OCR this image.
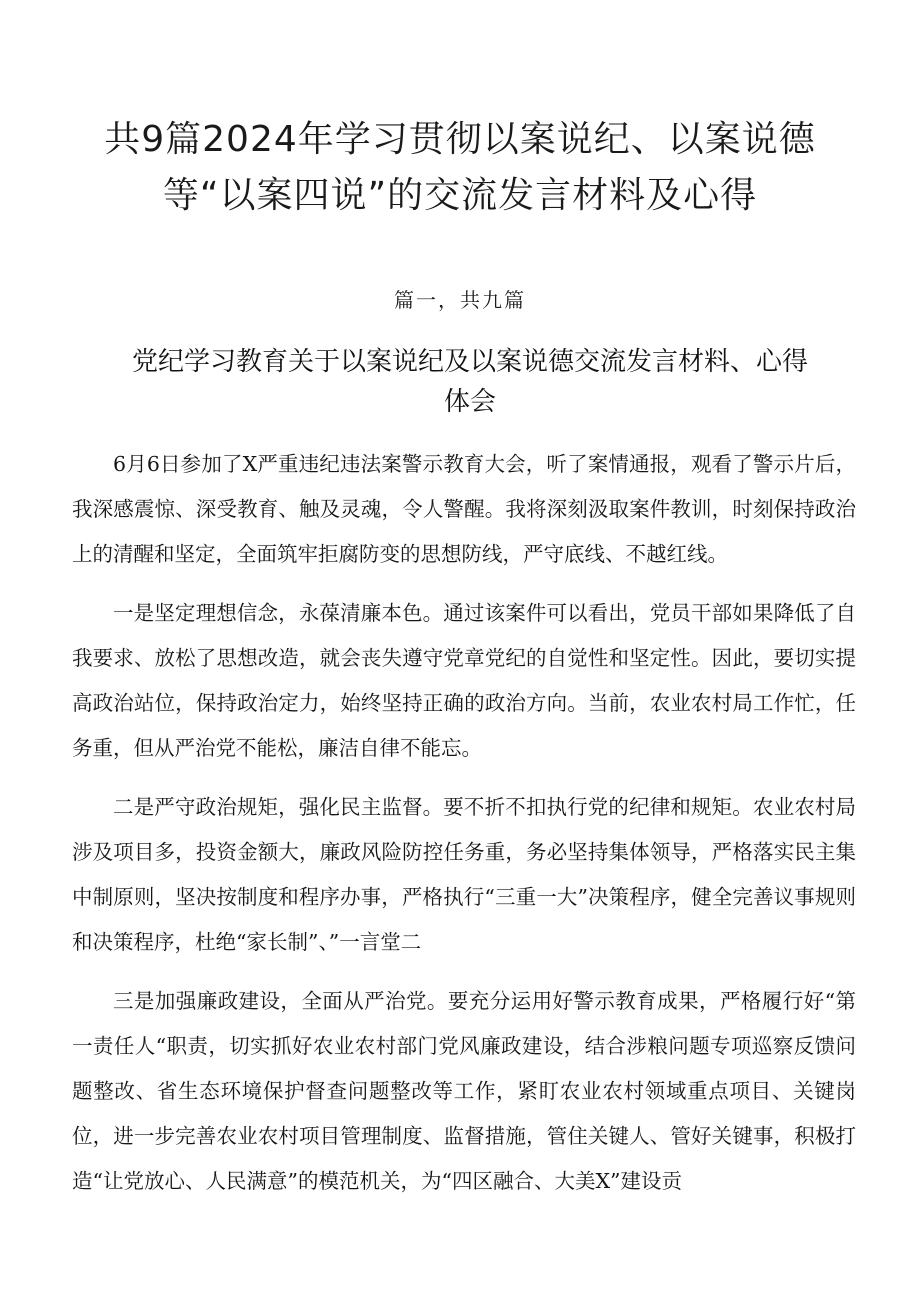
共9篇2024年学习贯彻以案说纪、以案说德等“以案四说”的交流发言材料及心得
篇一，共九篇
党纪学习教育关于以案说纪及以案说德交流发言材料、心得体会

6月6日参加了X严重违纪违法案警示教育大会，听了案情通报，观看了警示片后，我深感震惊、深受教育、触及灵魂，令人警醒。我将深刻汲取案件教训，时刻保持政治上的清醒和坚定，全面筑牢拒腐防变的思想防线，严守底线、不越红线。

一是坚定理想信念，永葆清廉本色。通过该案件可以看出，党员干部如果降低了自我要求、放松了思想改造，就会丧失遵守党章党纪的自觉性和坚定性。因此，要切实提高政治站位，保持政治定力，始终坚持正确的政治方向。当前，农业农村局工作忙，任务重，但从严治党不能松，廉洁自律不能忘。

二是严守政治规矩，强化民主监督。要不折不扣执行党的纪律和规矩。农业农村局涉及项目多，投资金额大，廉政风险防控任务重，务必坚持集体领导，严格落实民主集中制原则，坚决按制度和程序办事，严格执行“三重一大”决策程序，健全完善议事规则和决策程序，杜绝“家长制”、”一言堂二

三是加强廉政建设，全面从严治党。要充分运用好警示教育成果，严格履行好“第一责任人“职责，切实抓好农业农村部门党风廉政建设，结合涉粮问题专项巡察反馈问题整改、省生态环境保护督查问题整改等工作，紧盯农业农村领域重点项目、关键岗位，进一步完善农业农村项目管理制度、监督措施，管住关键人、管好关键事，积极打造“让党放心、人民满意”的模范机关，为“四区融合、大美X”建设贡
